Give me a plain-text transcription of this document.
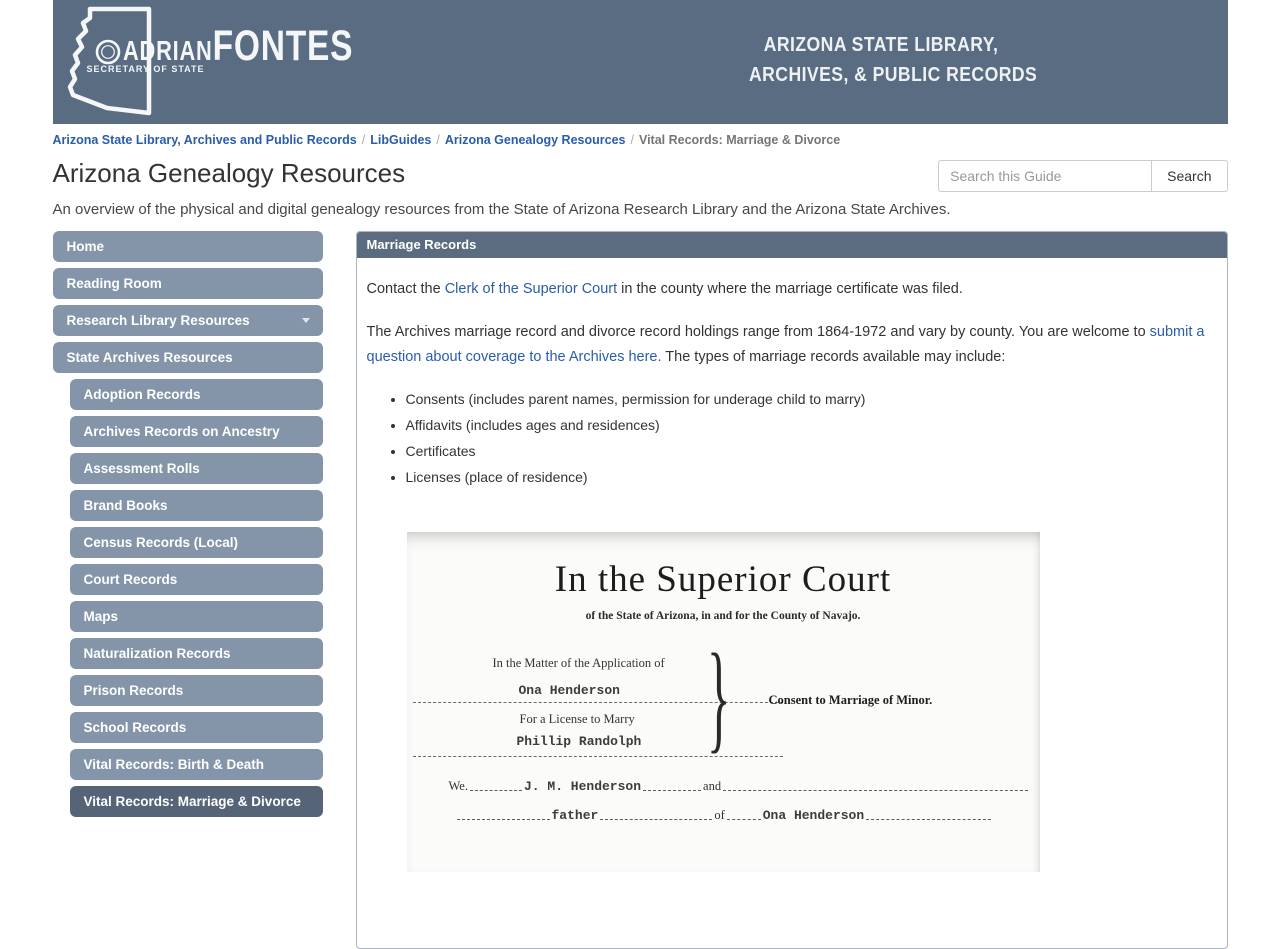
ADRIAN FONTES
SECRETARY OF STATE
ARIZONA STATE LIBRARY,
ARCHIVES, & PUBLIC RECORDS
Arizona State Library, Archives and Public Records / LibGuides / Arizona Genealogy Resources / Vital Records: Marriage & Divorce
Arizona Genealogy Resources
Search this Guide	Search
An overview of the physical and digital genealogy resources from the State of Arizona Research Library and the Arizona State Archives.
Home
Reading Room
Research Library Resources
State Archives Resources
Adoption Records
Archives Records on Ancestry
Assessment Rolls
Brand Books
Census Records (Local)
Court Records
Maps
Naturalization Records
Prison Records
School Records
Vital Records: Birth & Death
Vital Records: Marriage & Divorce
Marriage Records

Contact the Clerk of the Superior Court in the county where the marriage certificate was filed.

The Archives marriage record and divorce record holdings range from 1864-1972 and vary by county. You are welcome to submit a question about coverage to the Archives here. The types of marriage records available may include:

• Consents (includes parent names, permission for underage child to marry)
• Affidavits (includes ages and residences)
• Certificates
• Licenses (place of residence)
In the Superior Court
of the State of Arizona, in and for the County of Navajo.
In the Matter of the Application of
Ona Henderson }	Consent to Marriage of Minor.
For a License to Marry
Phillip Randolph
We.	J. M. Henderson	and
father	of	Ona Henderson
